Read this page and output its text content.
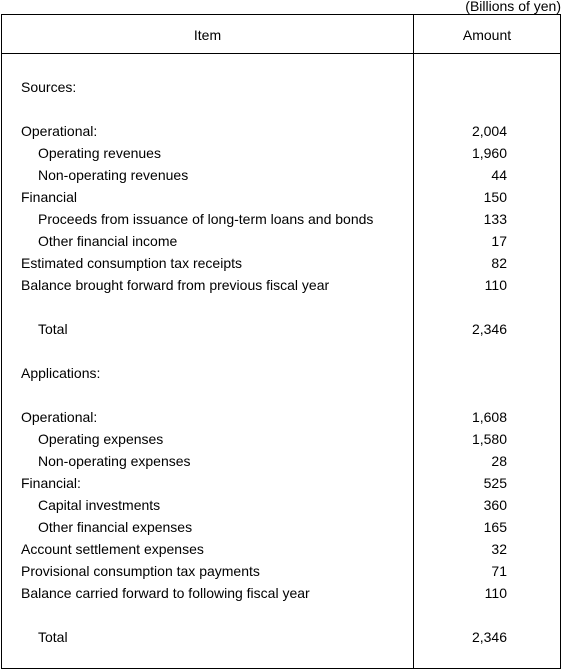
(Billions of yen)
Item	Amount
Sources:
Operational:	2,004
Operating revenues	1,960
Non-operating revenues	44
Financial	150
Proceeds from issuance of long-term loans and bonds	133
Other financial income	17
Estimated consumption tax receipts	82
Balance brought forward from previous fiscal year	110
Total	2,346
Applications:
Operational:	1,608
Operating expenses	1,580
Non-operating expenses	28
Financial:	525
Capital investments	360
Other financial expenses	165
Account settlement expenses	32
Provisional consumption tax payments	71
Balance carried forward to following fiscal year	110
Total	2,346
